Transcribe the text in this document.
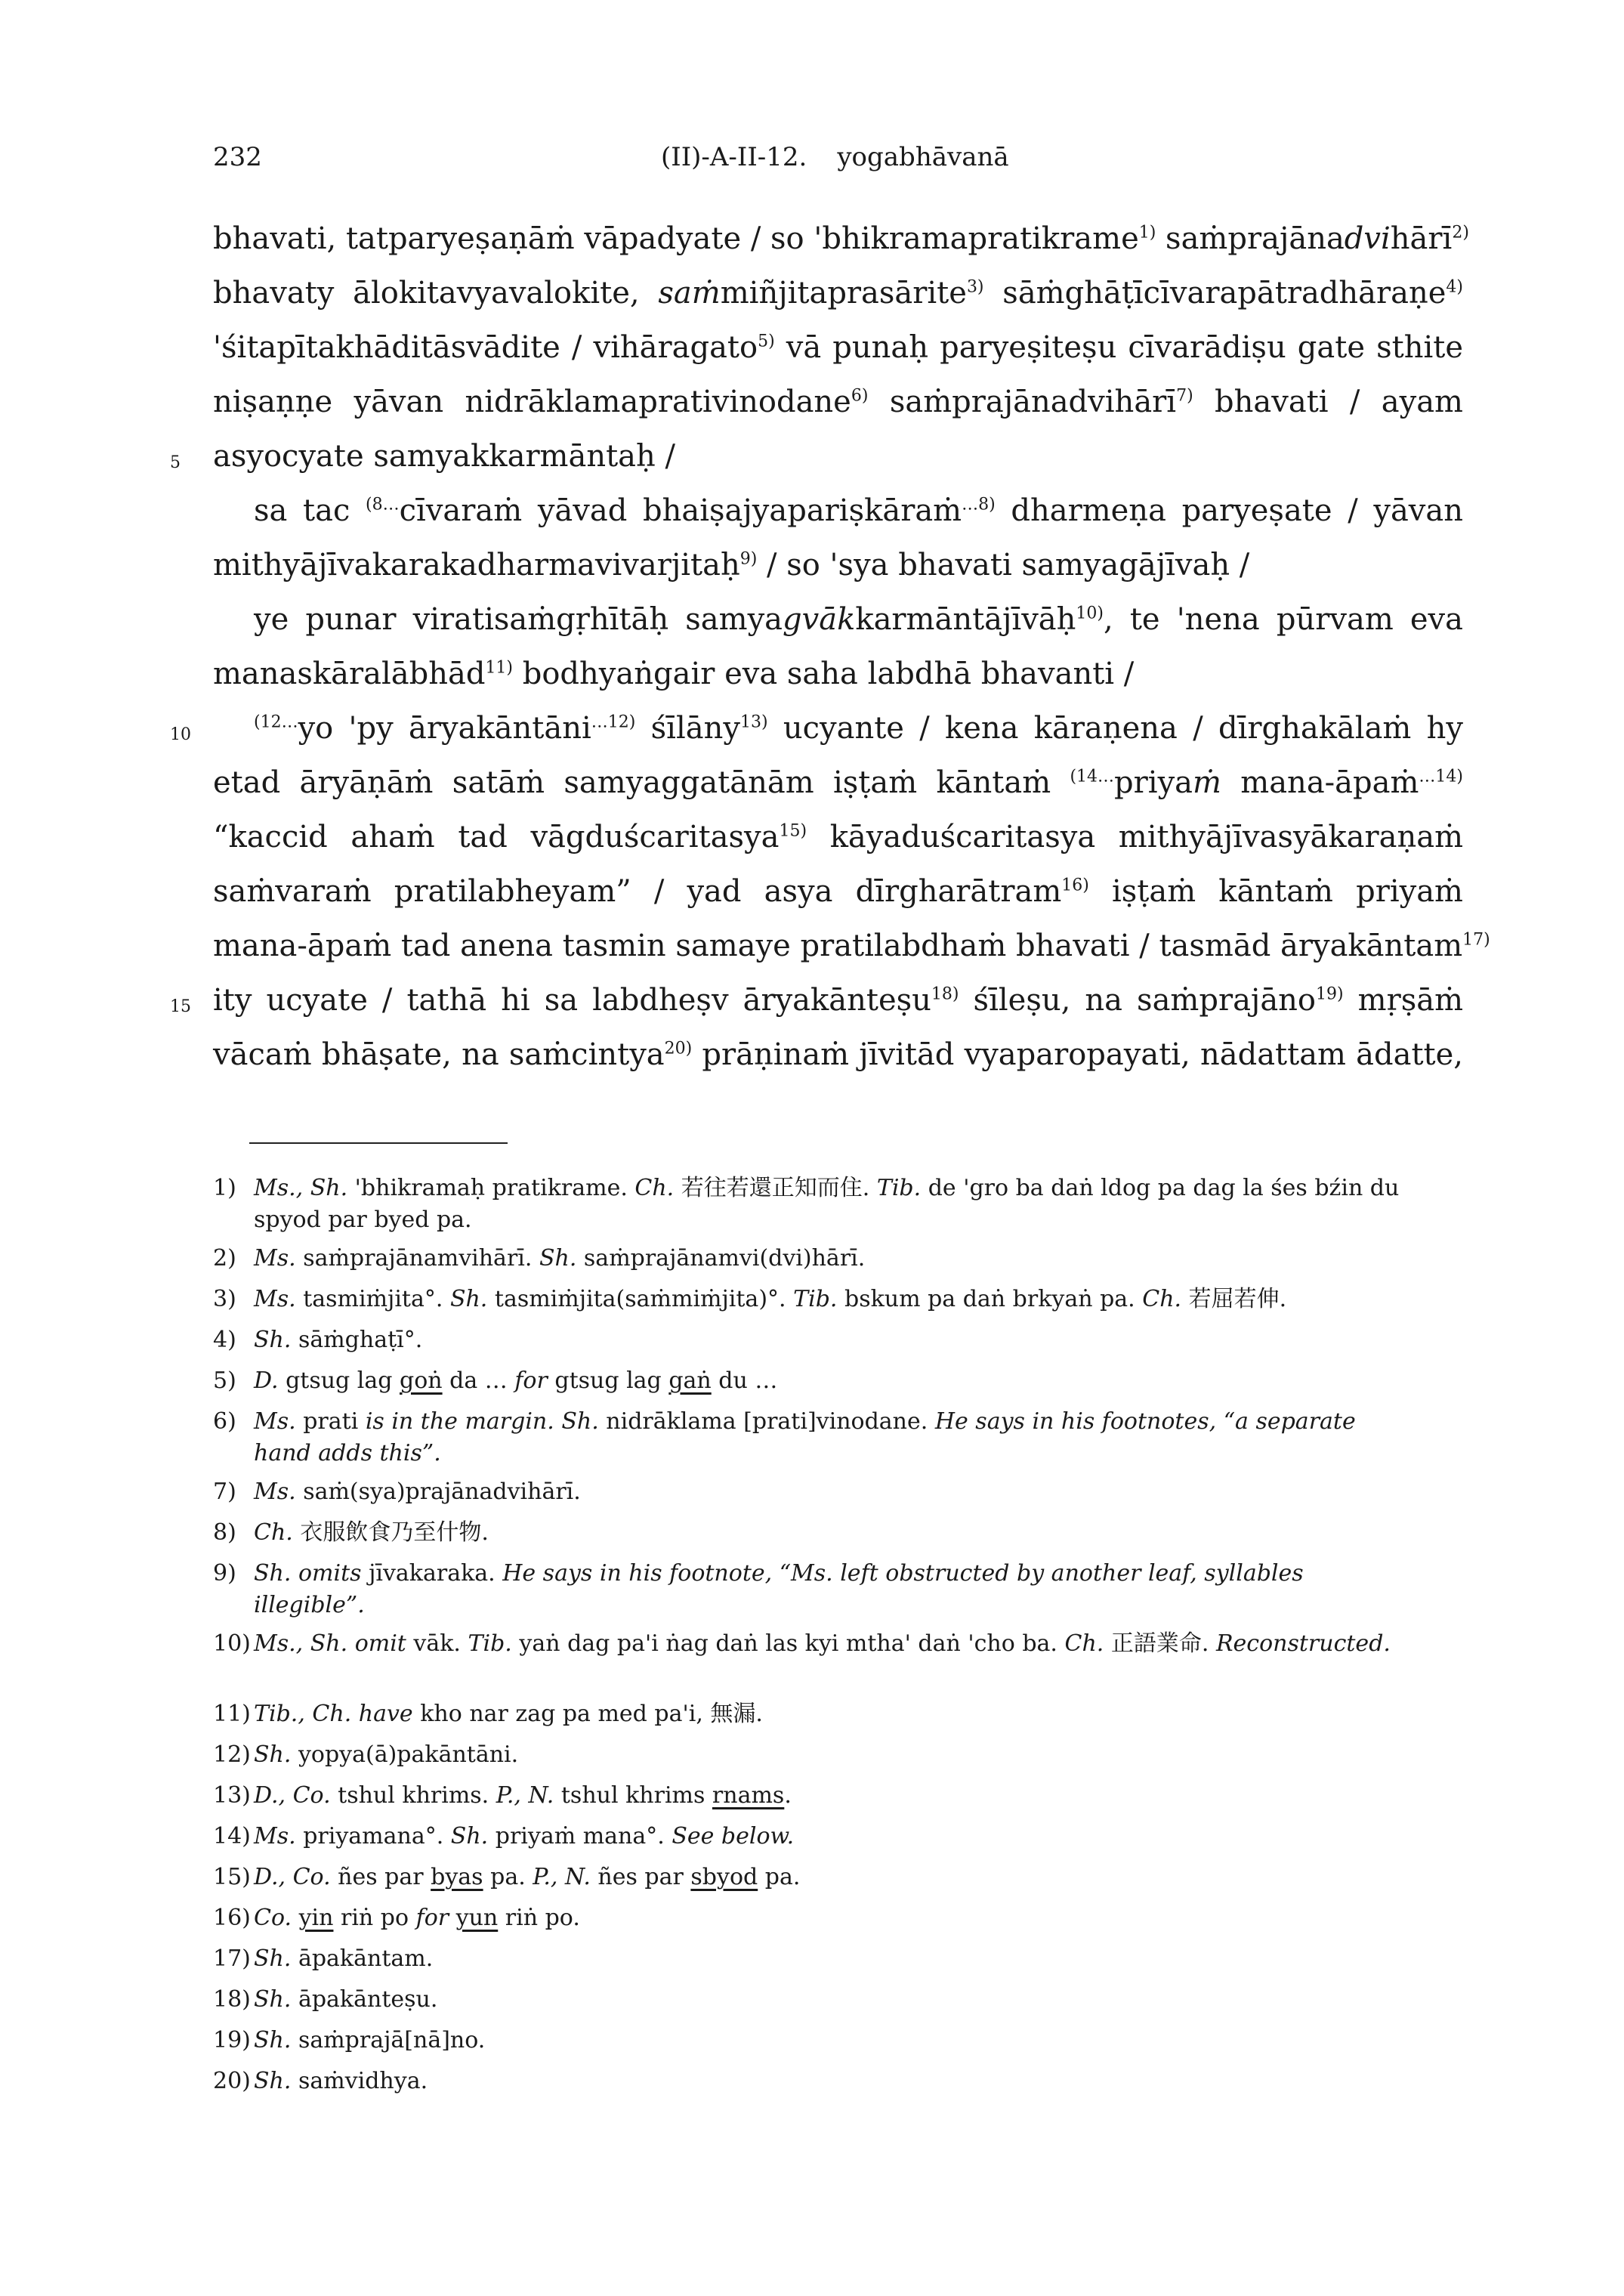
232	(II)-A-II-12. yogabhāvanā
5
10
15
bhavati, tatparyeṣaṇāṁ vāpadyate / so 'bhikramapratikrame$^{1)}$ saṁprajānadvihārī$^{2)}$
bhavaty ālokitavyavalokite, saṁmiñjitaprasārite$^{3)}$ sāṁghāṭīcīvarapātradhāraṇe$^{4)}$
'śitapītakhāditāsvādite / vihāragato$^{5)}$ vā punaḥ paryeṣiteṣu cīvarādiṣu gate sthite
niṣaṇṇe yāvan nidrāklamaprativinodane$^{6)}$ saṁprajānadvihārī$^{7)}$ bhavati / ayam
asyocyate samyakkarmāntaḥ /
sa tac $^{(8\dots}$cīvaraṁ yāvad bhaiṣajyapariṣkāraṁ$^{\dots 8)}$ dharmeṇa paryeṣate / yāvan
mithyājīvakarakadharmavivarjitaḥ$^{9)}$ / so 'sya bhavati samyagājīvaḥ /
ye punar viratisaṁgṛhītāḥ samyagvākkarmāntājīvāḥ$^{10)}$, te 'nena pūrvam eva
manaskāralābhād$^{11)}$ bodhyaṅgair eva saha labdhā bhavanti /
$^{(12\dots}$yo 'py āryakāntāni$^{\dots 12)}$ śīlāny$^{13)}$ ucyante / kena kāraṇena / dīrghakālaṁ hy
etad āryāṇāṁ satāṁ samyaggatānām iṣṭaṁ kāntaṁ $^{(14\dots}$priyaṁ mana-āpaṁ$^{\dots 14)}$
“kaccid ahaṁ tad vāgduścaritasya$^{15)}$ kāyaduścaritasya mithyājīvasyākaraṇaṁ
saṁvaraṁ pratilabheyam” / yad asya dīrgharātram$^{16)}$ iṣṭaṁ kāntaṁ priyaṁ
mana-āpaṁ tad anena tasmin samaye pratilabdhaṁ bhavati / tasmād āryakāntam$^{17)}$
ity ucyate / tathā hi sa labdheṣv āryakānteṣu$^{18)}$ śīleṣu, na saṁprajāno$^{19)}$ mṛṣāṁ
vācaṁ bhāṣate, na saṁcintya$^{20)}$ prāṇinaṁ jīvitād vyaparopayati, nādattam ādatte,
1) Ms., Sh. 'bhikramaḥ pratikrame. Ch. 若往若還正知而住. Tib. de 'gro ba daṅ ldog pa dag la śes bźin du spyod par byed pa.
2) Ms. saṁprajānamvihārī. Sh. saṁprajānamvi(dvi)hārī.
3) Ms. tasmiṁjita°. Sh. tasmiṁjita(saṁmiṁjita)°. Tib. bskum pa daṅ brkyaṅ pa. Ch. 若屈若伸.
4) Sh. sāṁghaṭī°.
5) D. gtsug lag goṅ da … for gtsug lag gaṅ du …
6) Ms. prati is in the margin. Sh. nidrāklama [prati]vinodane. He says in his footnotes, “a separate hand adds this”.
7) Ms. saṁ(sya)prajānadvihārī.
8) Ch. 衣服飲食乃至什物.
9) Sh. omits jīvakaraka. He says in his footnote, “Ms. left obstructed by another leaf, syllables illegible”.
10) Ms., Sh. omit vāk. Tib. yaṅ dag pa'i ṅag daṅ las kyi mtha' daṅ 'cho ba. Ch. 正語業命. Reconstructed.
11) Tib., Ch. have kho nar zag pa med pa'i, 無漏.
12) Sh. yopya(ā)pakāntāni.
13) D., Co. tshul khrims. P., N. tshul khrims rnams.
14) Ms. priyamana°. Sh. priyaṁ mana°. See below.
15) D., Co. ñes par byas pa. P., N. ñes par sbyod pa.
16) Co. yin riṅ po for yun riṅ po.
17) Sh. āpakāntam.
18) Sh. āpakānteṣu.
19) Sh. saṁprajā[nā]no.
20) Sh. saṁvidhya.
